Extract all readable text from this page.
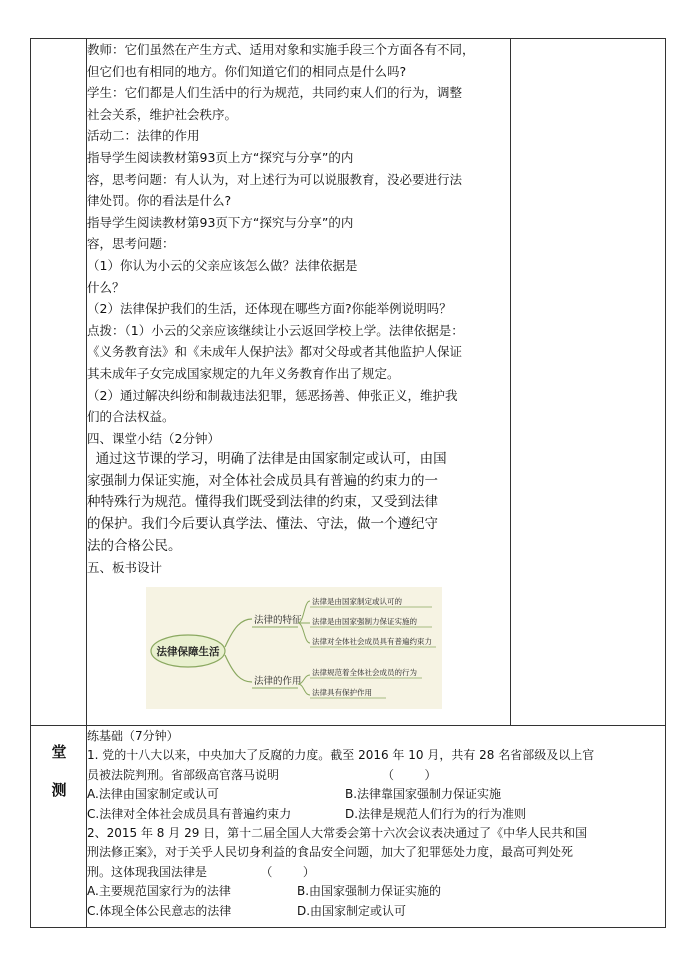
教师：它们虽然在产生方式、适用对象和实施手段三个方面各有不同，

但它们也有相同的地方。你们知道它们的相同点是什么吗?

学生：它们都是人们生活中的行为规范，共同约束人们的行为，调整

社会关系，维护社会秩序。

活动二：法律的作用

指导学生阅读教材第93页上方“探究与分享”的内

容，思考问题：有人认为，对上述行为可以说服教育，没必要进行法

律处罚。你的看法是什么?

指导学生阅读教材第93页下方“探究与分享”的内

容，思考问题：

（1）你认为小云的父亲应该怎么做？法律依据是

什么？

（2）法律保护我们的生活，还体现在哪些方面?你能举例说明吗？

点拨：（1）小云的父亲应该继续让小云返回学校上学。法律依据是：

《义务教育法》和《未成年人保护法》都对父母或者其他监护人保证

其未成年子女完成国家规定的九年义务教育作出了规定。

（2）通过解决纠纷和制裁违法犯罪，惩恶扬善、伸张正义，维护我

们的合法权益。

四、课堂小结（2分钟）

通过这节课的学习，明确了法律是由国家制定或认可，由国

家强制力保证实施，对全体社会成员具有普遍的约束力的一

种特殊行为规范。懂得我们既受到法律的约束，又受到法律

的保护。我们今后要认真学法、懂法、守法，做一个遵纪守

法的合格公民。

五、板书设计

法律保障生活
法律的特征
法律的作用
法律是由国家制定或认可的
法律是由国家强制力保证实施的
法律对全体社会成员具有普遍约束力
法律规范着全体社会成员的行为
法律具有保护作用
堂
测

练基础（7分钟）

1. 党的十八大以来，中央加大了反腐的力度。截至 2016 年 10 月，共有 28 名省部级及以上官

员被法院判刑。省部级高官落马说明                           （        ）

A.法律由国家制定或认可	B.法律靠国家强制力保证实施

C.法律对全体社会成员具有普遍约束力	D.法律是规范人们行为的行为准则

2、2015 年 8 月 29 日，第十二届全国人大常委会第十六次会议表决通过了《中华人民共和国

刑法修正案》，对于关乎人民切身利益的食品安全问题，加大了犯罪惩处力度，最高可判处死

刑。这体现我国法律是              （        ）

A.主要规范国家行为的法律	B.由国家强制力保证实施的

C.体现全体公民意志的法律	D.由国家制定或认可
